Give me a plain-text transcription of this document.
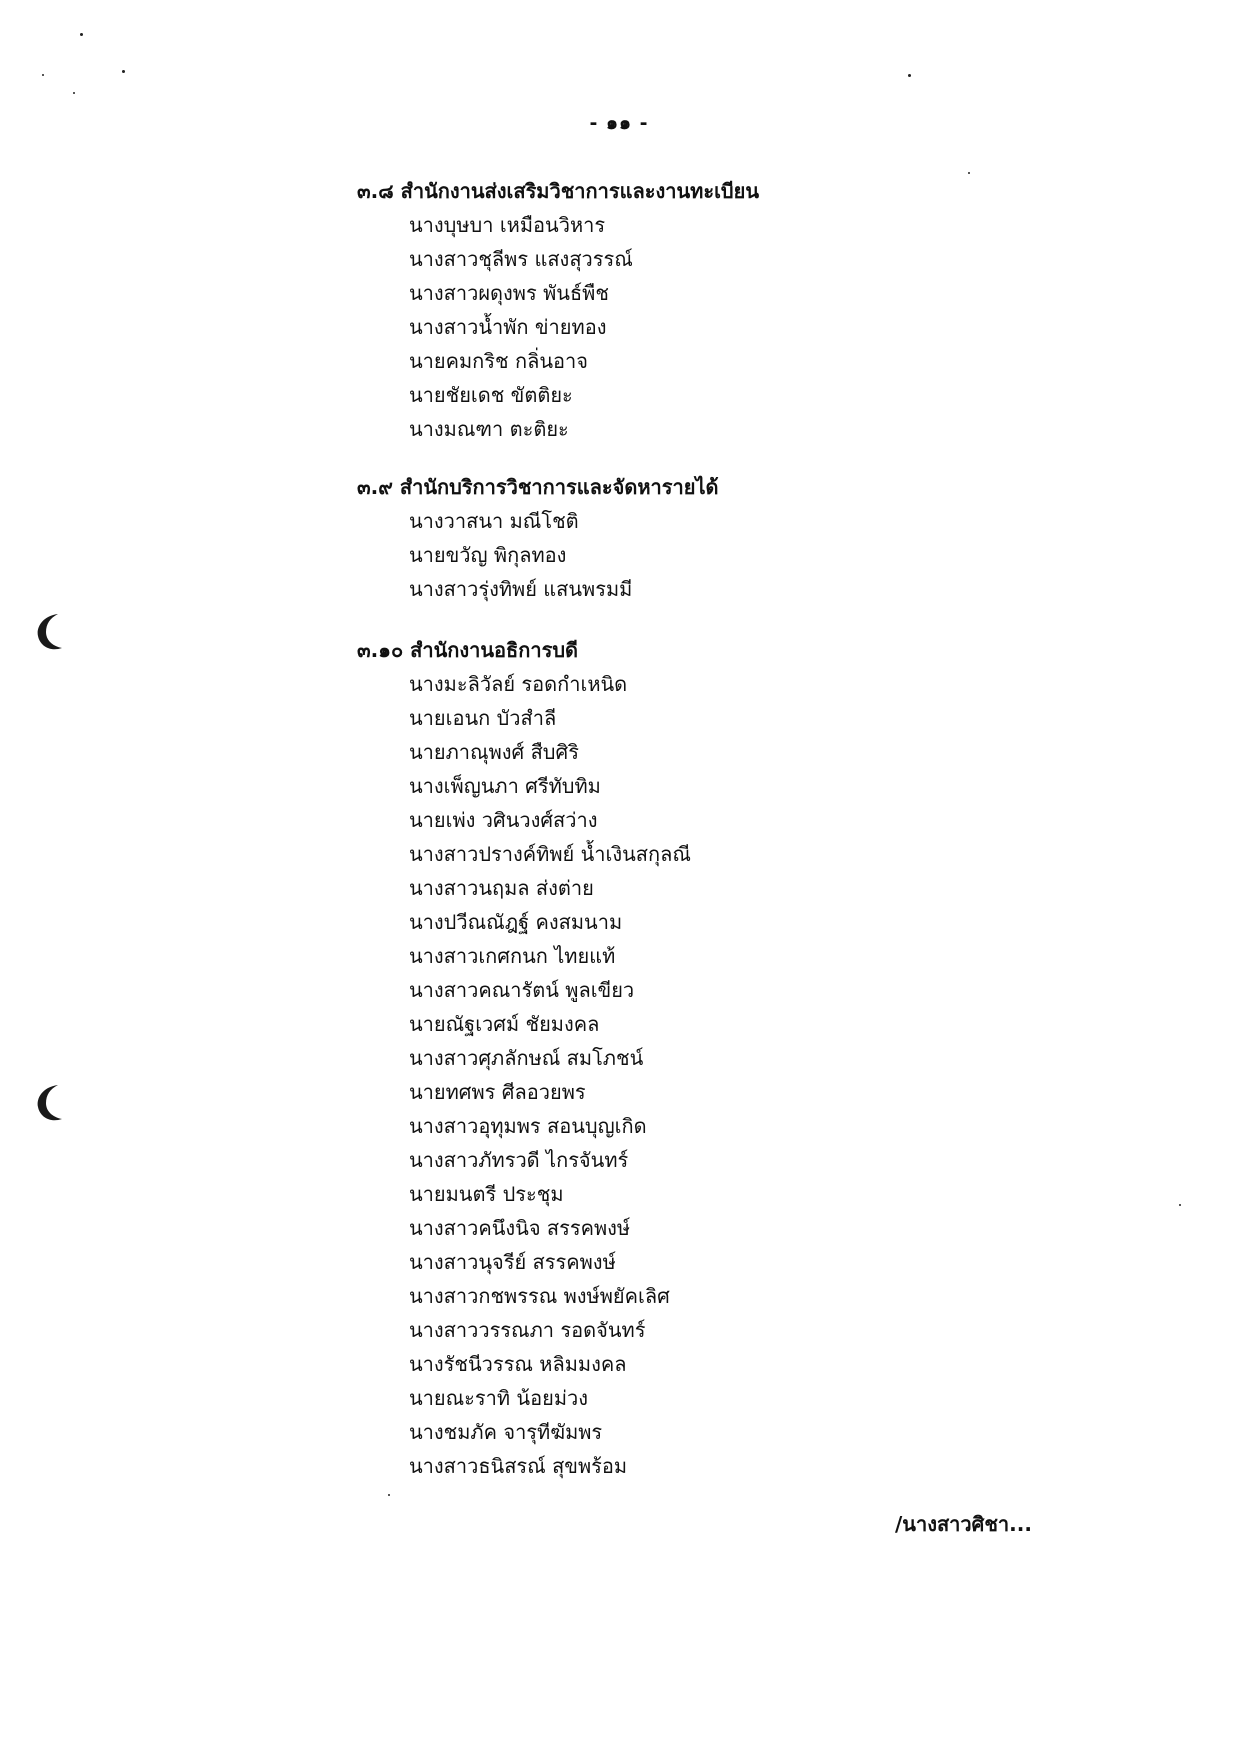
- ๑๑ -
๓.๘ สำนักงานส่งเสริมวิชาการและงานทะเบียน
นางบุษบา เหมือนวิหาร
นางสาวชุลีพร แสงสุวรรณ์
นางสาวผดุงพร พันธ์พืช
นางสาวน้ำพัก ข่ายทอง
นายคมกริช กลิ่นอาจ
นายชัยเดช ขัตติยะ
นางมณฑา ตะติยะ
๓.๙ สำนักบริการวิชาการและจัดหารายได้
นางวาสนา มณีโชติ
นายขวัญ พิกุลทอง
นางสาวรุ่งทิพย์ แสนพรมมี
๓.๑๐ สำนักงานอธิการบดี
นางมะลิวัลย์ รอดกำเหนิด
นายเอนก บัวสำลี
นายภาณุพงศ์ สืบศิริ
นางเพ็ญนภา ศรีทับทิม
นายเพ่ง วศินวงศ์สว่าง
นางสาวปรางค์ทิพย์ น้ำเงินสกุลณี
นางสาวนฤมล ส่งต่าย
นางปวีณณัฎฐ์ คงสมนาม
นางสาวเกศกนก ไทยแท้
นางสาวคณารัตน์ พูลเขียว
นายณัฐเวศม์ ชัยมงคล
นางสาวศุภลักษณ์ สมโภชน์
นายทศพร ศีลอวยพร
นางสาวอุทุมพร สอนบุญเกิด
นางสาวภัทรวดี ไกรจันทร์
นายมนตรี ประชุม
นางสาวคนึงนิจ สรรคพงษ์
นางสาวนุจรีย์ สรรคพงษ์
นางสาวกชพรรณ พงษ์พยัคเลิศ
นางสาววรรณภา รอดจันทร์
นางรัชนีวรรณ หลิมมงคล
นายณะราทิ น้อยม่วง
นางชมภัค จารุทีฆัมพร
นางสาวธนิสรณ์ สุขพร้อม
/นางสาวศิชา...
